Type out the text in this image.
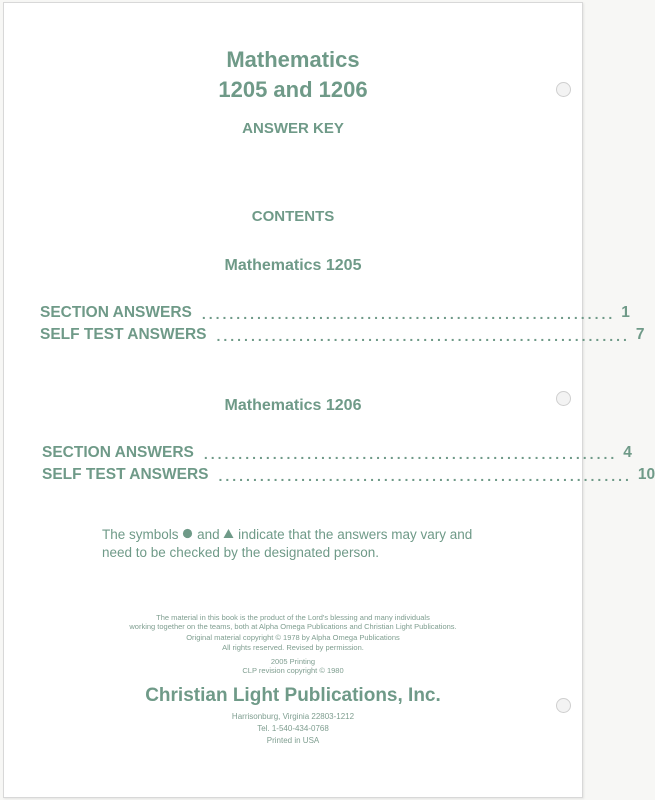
Mathematics
1205 and 1206
ANSWER KEY
CONTENTS
Mathematics 1205
SECTION ANSWERS ............................................................ 1
SELF TEST ANSWERS ............................................................ 7
Mathematics 1206
SECTION ANSWERS ............................................................ 4
SELF TEST ANSWERS ............................................................ 10
The symbols and indicate that the answers may vary and
need to be checked by the designated person.
The material in this book is the product of the Lord's blessing and many individuals
working together on the teams, both at Alpha Omega Publications and Christian Light Publications.
Original material copyright © 1978 by Alpha Omega Publications
All rights reserved. Revised by permission.
2005 Printing
CLP revision copyright © 1980
Christian Light Publications, Inc.
Harrisonburg, Virginia 22803-1212
Tel. 1-540-434-0768
Printed in USA
